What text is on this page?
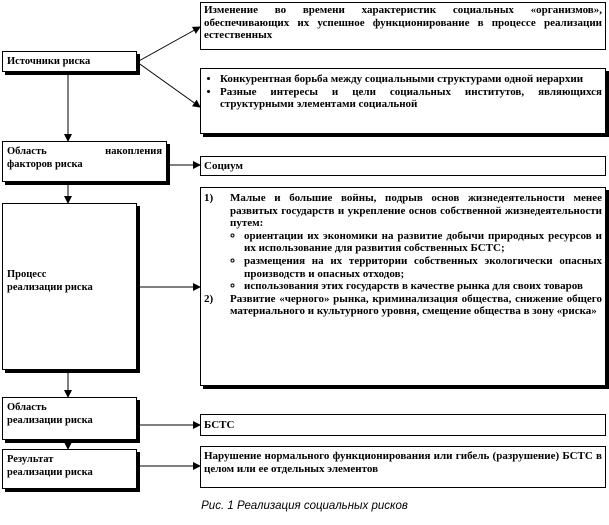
Источники риска
Область	накопления
факторов риска
Процесс
реализации риска
Область
реализации риска
Результат
реализации риска
Изменение во времени характеристик социальных «организмов», обеспечивающих их успешное функционирование в процессе реализации естественных
• Конкурентная борьба между социальными структурами одной иерархии
• Разные интересы и цели социальных институтов, являющихся структурными элементами социальной
Социум
1) Малые и большие войны, подрыв основ жизнедеятельности менее развитых государств и укрепление основ собственной жизнедеятельности путем:
◦ ориентации их экономики на развитие добычи природных ресурсов и их использование для развития собственных БСТС;
◦ размещения на их территории собственных экологически опасных производств и опасных отходов;
◦ использования этих государств в качестве рынка для своих товаров
2) Развитие «черного» рынка, криминализация общества, снижение общего материального и культурного уровня, смещение общества в зону «риска»
БСТС
Нарушение нормального функционирования или гибель (разрушение) БСТС в целом или ее отдельных элементов
Рис. 1 Реализация социальных рисков
